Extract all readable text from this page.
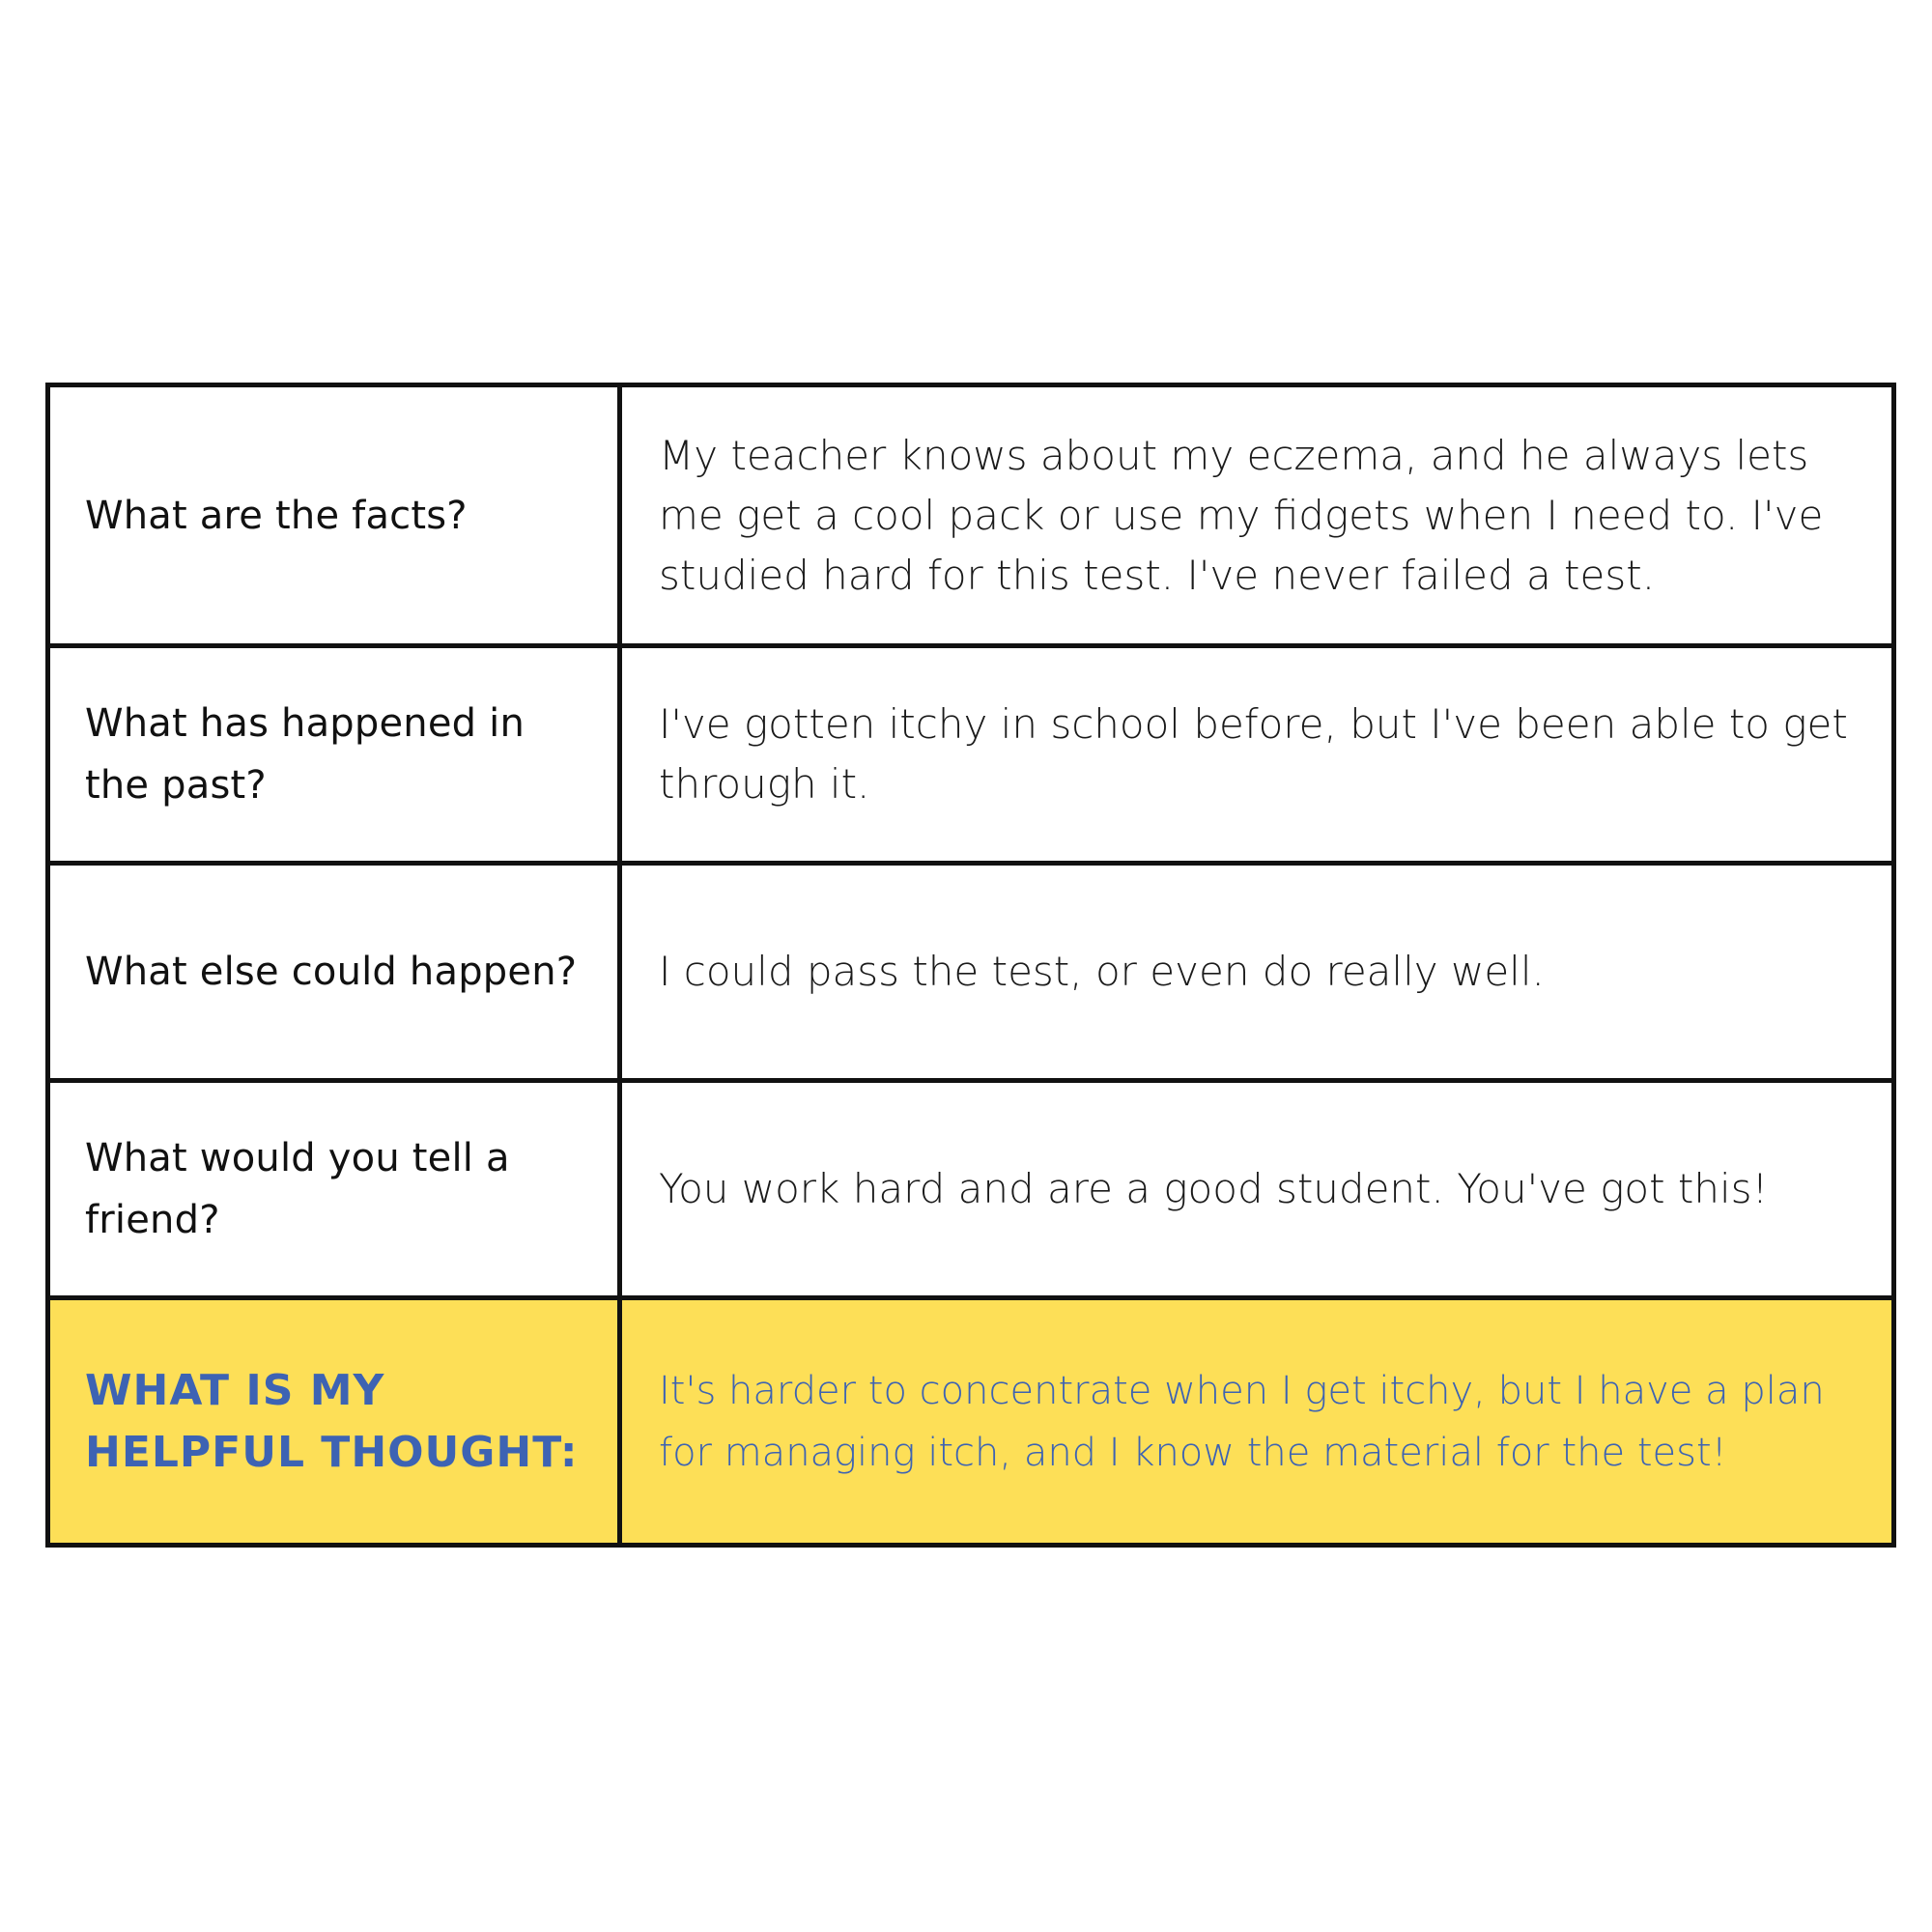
What are the facts?
My teacher knows about my eczema, and he always lets me get a cool pack or use my fidgets when I need to. I've studied hard for this test. I've never failed a test.
What has happened in the past?
I've gotten itchy in school before, but I've been able to get through it.
What else could happen? I could pass the test, or even do really well.
What would you tell a friend?
You work hard and are a good student. You've got this!
WHAT IS MY HELPFUL THOUGHT:
It's harder to concentrate when I get itchy, but I have a plan for managing itch, and I know the material for the test!
